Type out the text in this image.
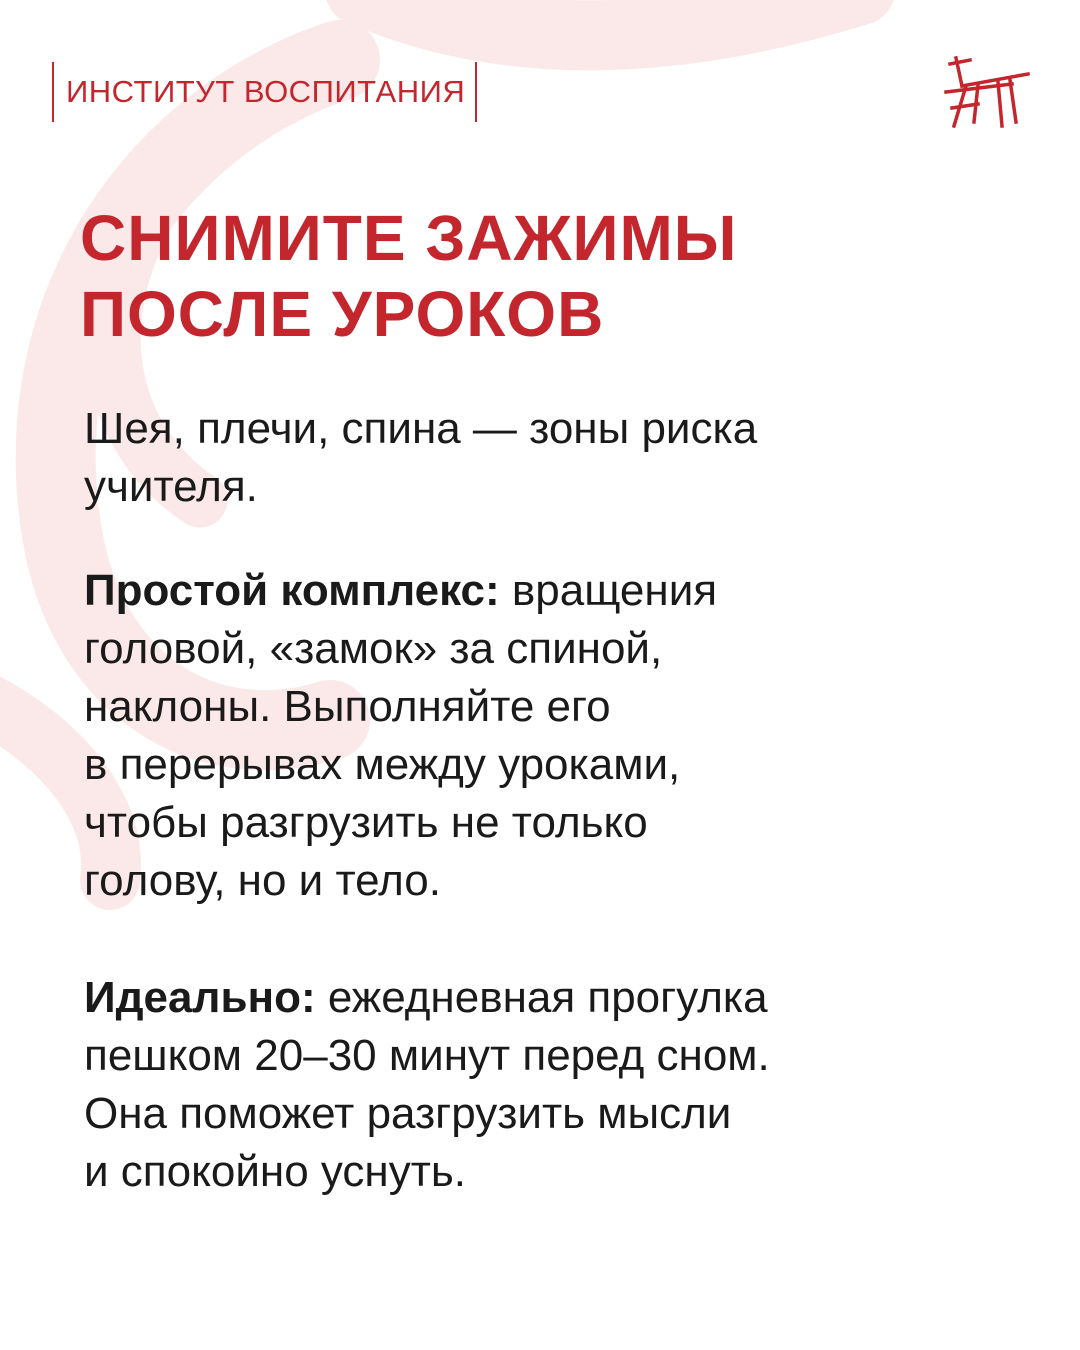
ИНСТИТУТ ВОСПИТАНИЯ
СНИМИТЕ ЗАЖИМЫ
ПОСЛЕ УРОКОВ

Шея, плечи, спина — зоны риска
учителя.

Простой комплекс: вращения
головой, «замок» за спиной,
наклоны. Выполняйте его
в перерывах между уроками,
чтобы разгрузить не только
голову, но и тело.

Идеально: ежедневная прогулка
пешком 20–30 минут перед сном.
Она поможет разгрузить мысли
и спокойно уснуть.
